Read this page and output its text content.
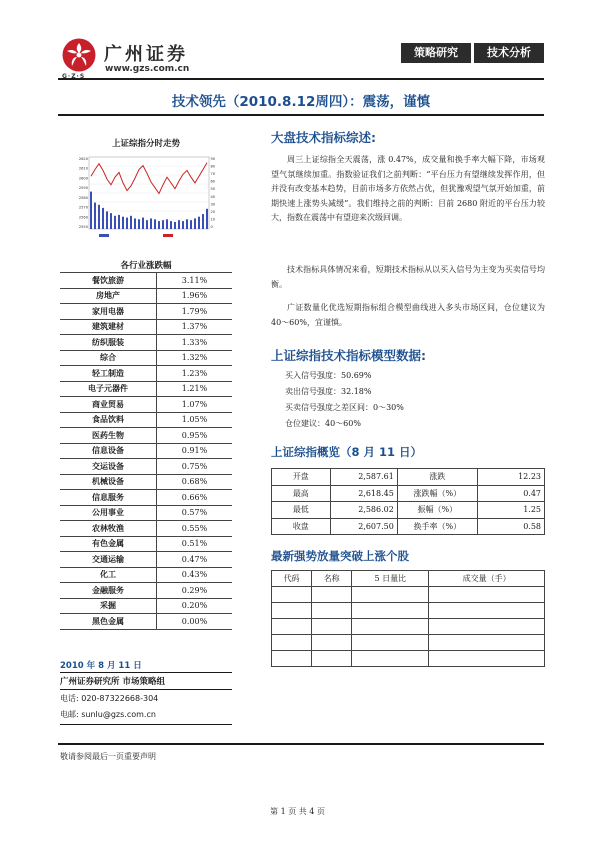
广州证券
G·Z·S
www.gzs.com.cn
策略研究	技术分析
技术领先（2010.8.12周四）：震荡，谨慎
上证综指分时走势
2620
2610
2600
2590
2580
2570
2560
2550
90
80
70
60
50
40
30
20
10
0
各行业涨跌幅
餐饮旅游	3.11%
房地产	1.96%
家用电器	1.79%
建筑建材	1.37%
纺织服装	1.33%
综合	1.32%
轻工制造	1.23%
电子元器件	1.21%
商业贸易	1.07%
食品饮料	1.05%
医药生物	0.95%
信息设备	0.91%
交运设备	0.75%
机械设备	0.68%
信息服务	0.66%
公用事业	0.57%
农林牧渔	0.55%
有色金属	0.51%
交通运输	0.47%
化工	0.43%
金融服务	0.29%
采掘	0.20%
黑色金属	0.00%
2010 年 8 月 11 日
广州证券研究所 市场策略组
电话: 020-87322668-304
电邮: sunlu@gzs.com.cn
大盘技术指标综述:
周三上证综指全天震荡，涨 0.47%，成交量和换手率大幅下降，市场观望气氛继续加重。指数验证我们之前判断：“平台压力有望继续发挥作用，但并没有改变基本趋势，目前市场多方依然占优，但犹豫观望气氛开始加重，前期快速上涨势头减缓”。我们维持之前的判断：目前 2680 附近的平台压力较大，指数在震荡中有望迎来次级回调。
技术指标具体情况来看，短期技术指标从以买入信号为主变为买卖信号均衡。
广证数量化优选短期指标组合模型曲线进入多头市场区间，仓位建议为 40～60%，宜谨慎。
上证综指技术指标模型数据:
买入信号强度：50.69%
卖出信号强度：32.18%
买卖信号强度之差区间：0～30%
仓位建议：40～60%
上证综指概览（8 月 11 日）
开盘	2,587.61	涨跌	12.23
最高	2,618.45	涨跌幅（%）	0.47
最低	2,586.02	振幅（%）	1.25
收盘	2,607.50	换手率（%）	0.58
最新强势放量突破上涨个股
代码	名称	5 日量比	成交量（手）

敬请参阅最后一页重要声明
第 1 页 共 4 页
